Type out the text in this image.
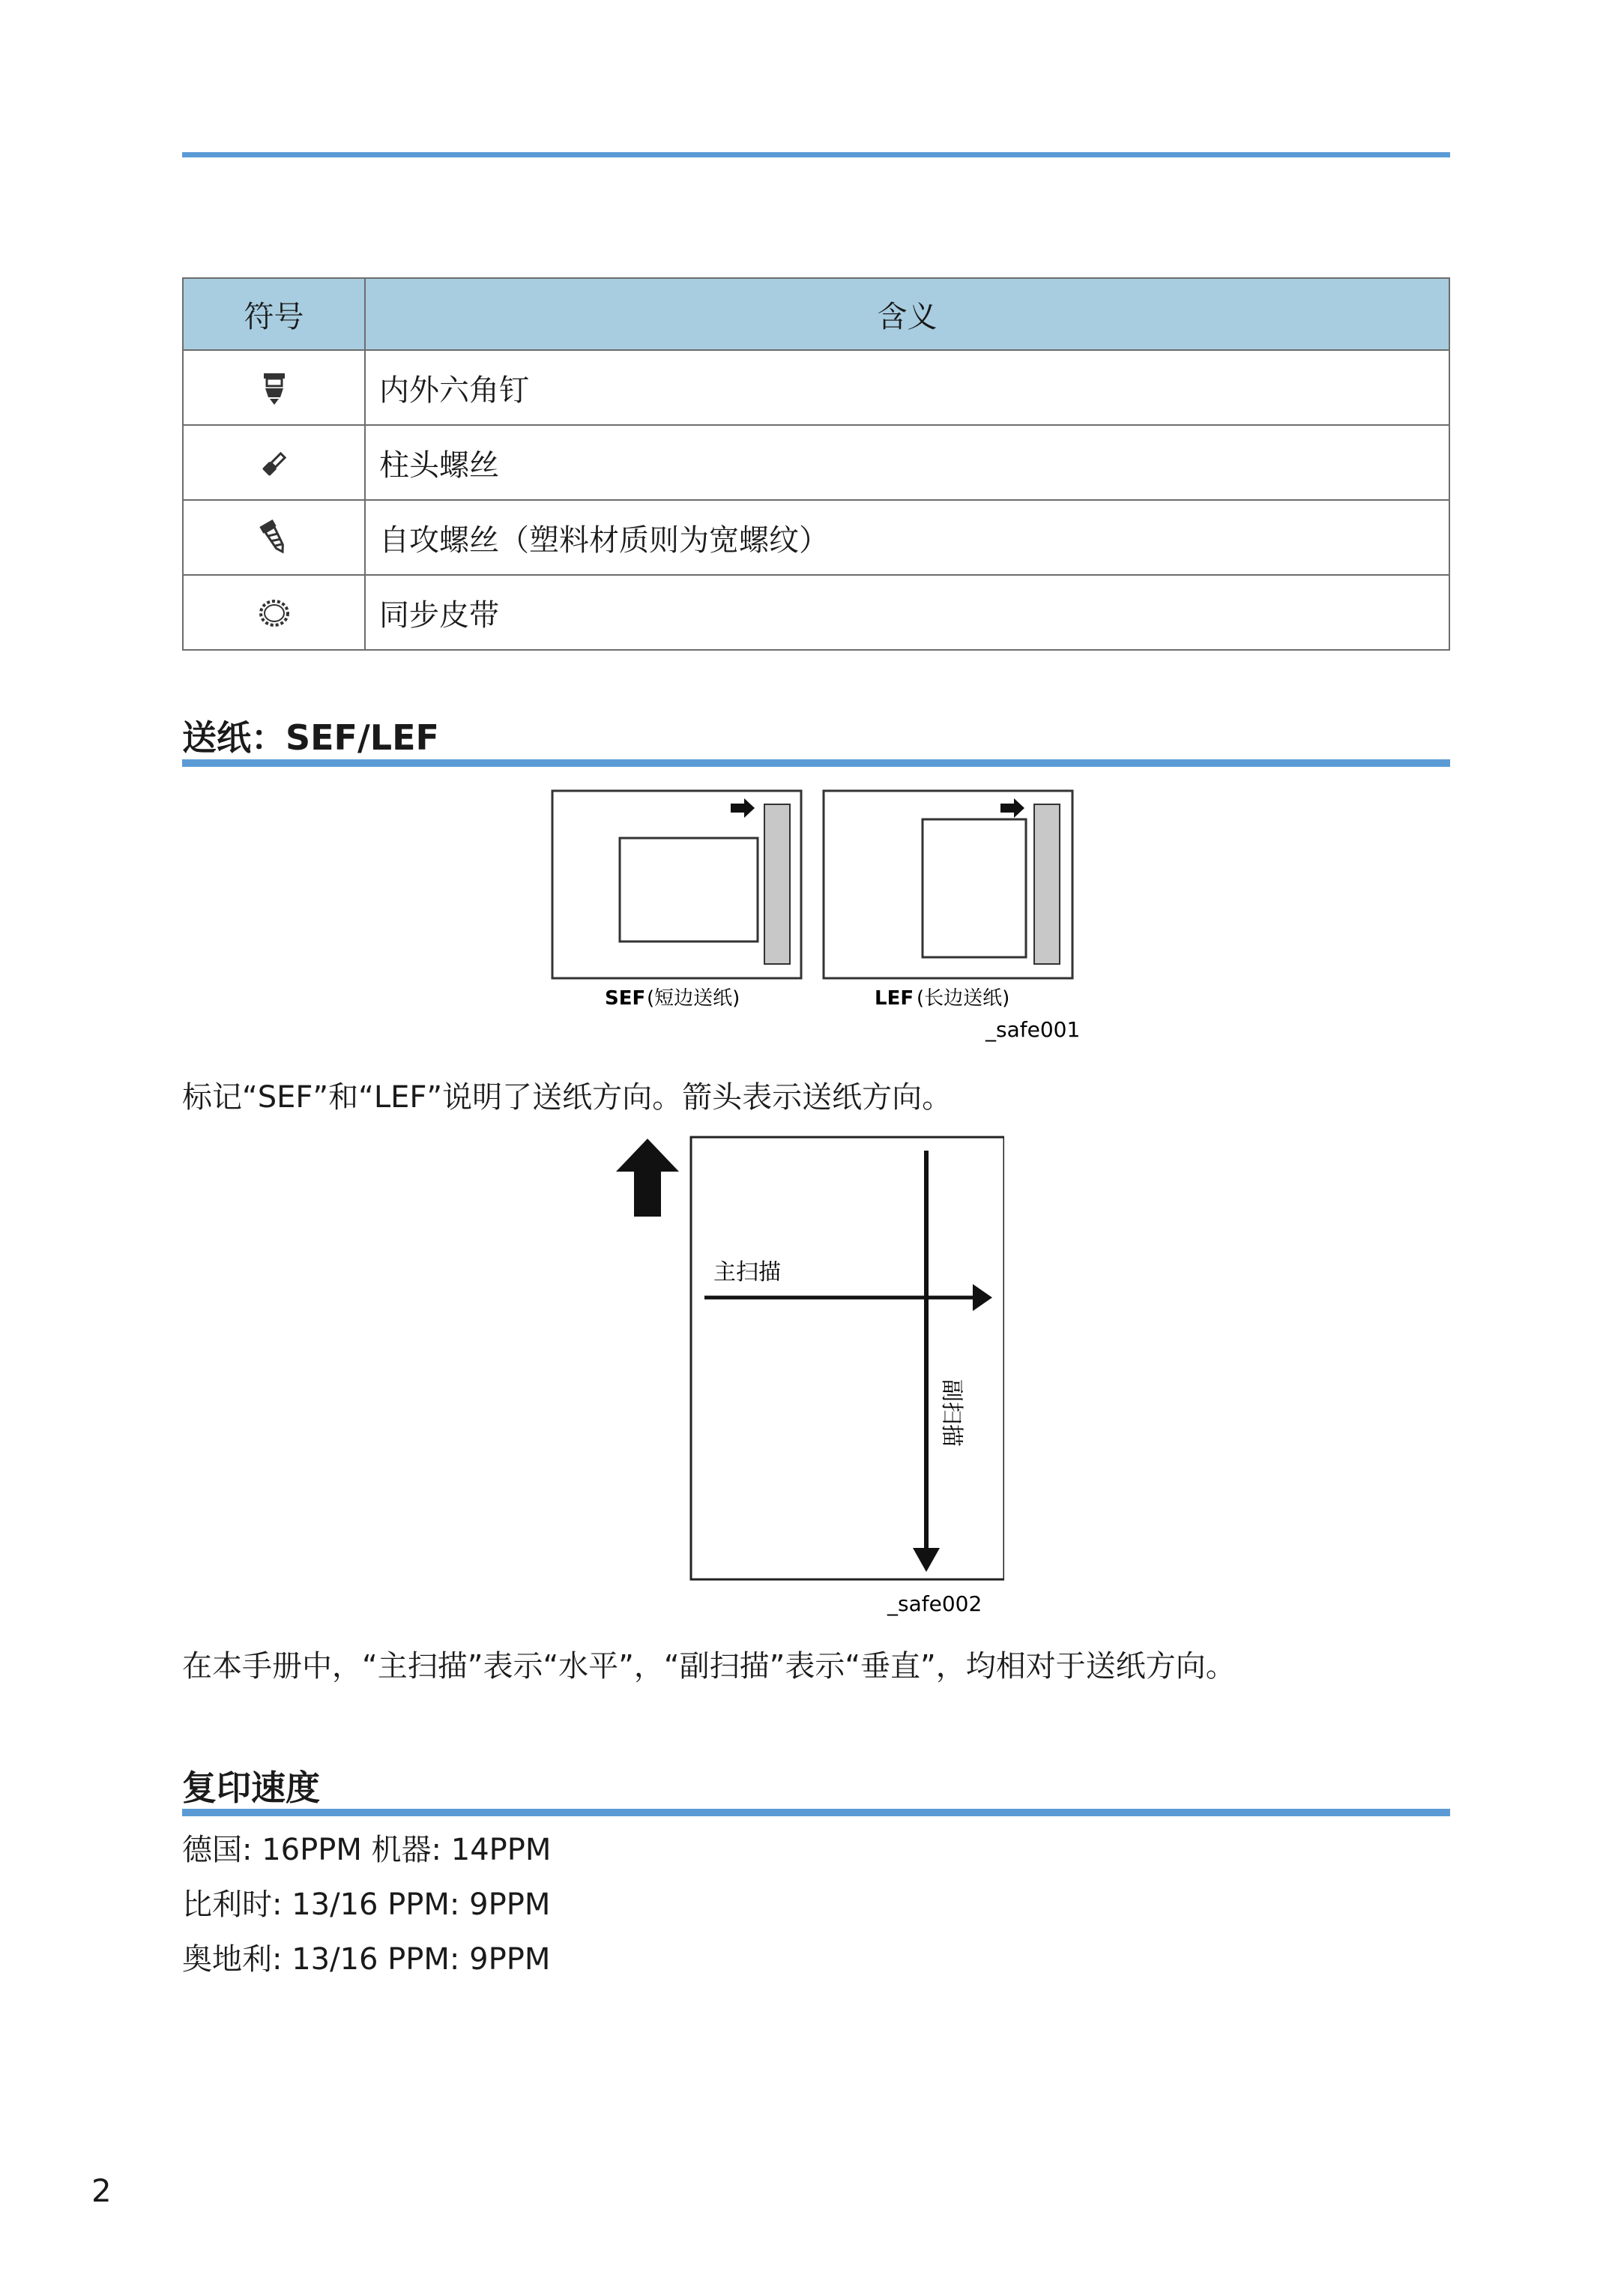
符号	含义
	内外六角钉
	柱头螺丝
	自攻螺丝（塑料材质则为宽螺纹）
	同步皮带
送纸：SEF/LEF
SEF (短边送纸)	LEF (长边送纸)
_safe001
标记“SEF”和“LEF”说明了送纸方向。箭头表示送纸方向。
主扫描
副扫描
_safe002
在本手册中，“主扫描”表示“水平”，“副扫描”表示“垂直”，均相对于送纸方向。
复印速度
德国: 16PPM 机器: 14PPM
比利时: 13/16 PPM: 9PPM
奥地利: 13/16 PPM: 9PPM
2
